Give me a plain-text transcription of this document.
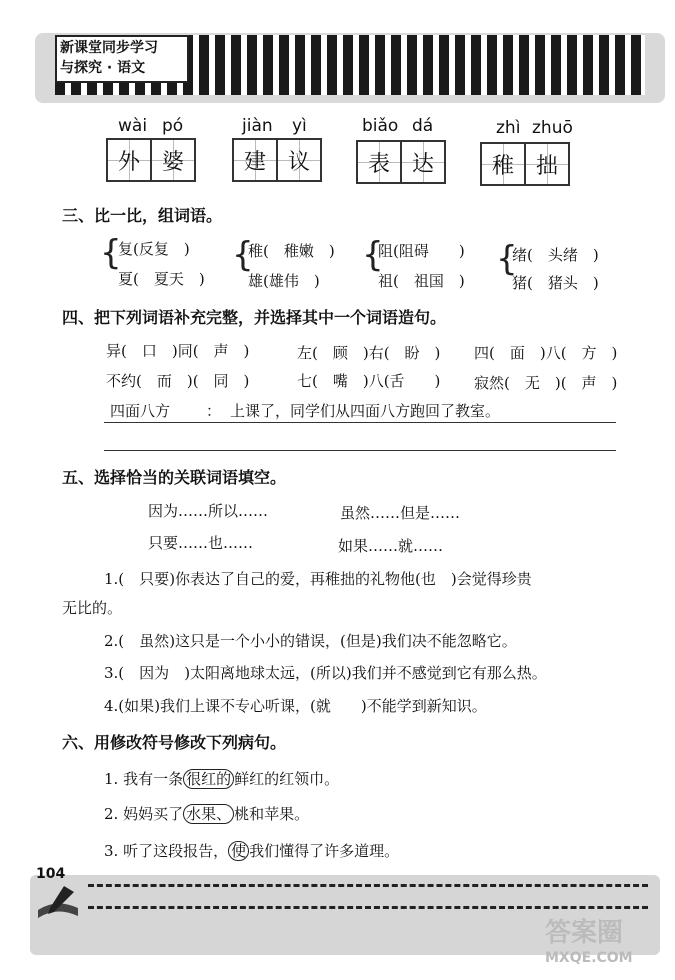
新课堂同步学习
与探究 · 语文
wài pó
外 婆
jiàn yì
建 议
biǎo dá
表 达
zhì zhuō
稚 拙
三、比一比，组词语。
{
复(反复　)
夏(　夏天　)
{
稚(　稚嫩　)
雄(雄伟　)
{
阻(阻碍　　)
祖(　祖国　)
{
绪(　头绪　)
猪(　猪头　)
四、把下列词语补充完整，并选择其中一个词语造句。
异(　口　)同(　声　)	左(　顾　)右(　盼　) 四(　面　)八(　方　)
不约(　而　)(　同　)	七(　嘴　)八(舌　　) 寂然(　无　)(　声　)
四面八方 ： 上课了，同学们从四面八方跑回了教室。
五、选择恰当的关联词语填空。
因为……所以……	虽然……但是……
只要……也……	如果……就……
1.(　只要)你表达了自己的爱，再稚拙的礼物他(也　)会觉得珍贵
无比的。
2.(　虽然)这只是一个小小的错误，(但是)我们决不能忽略它。
3.(　因为　)太阳离地球太远，(所以)我们并不感觉到它有那么热。
4.(如果)我们上课不专心听课，(就　　)不能学到新知识。
六、用修改符号修改下列病句。
1. 我有一条 很红的 鲜红的红领巾。
2. 妈妈买了 水果、 桃和苹果。
3. 听了这段报告， 使 我们懂得了许多道理。
104
答案圈
MXQE.COM
